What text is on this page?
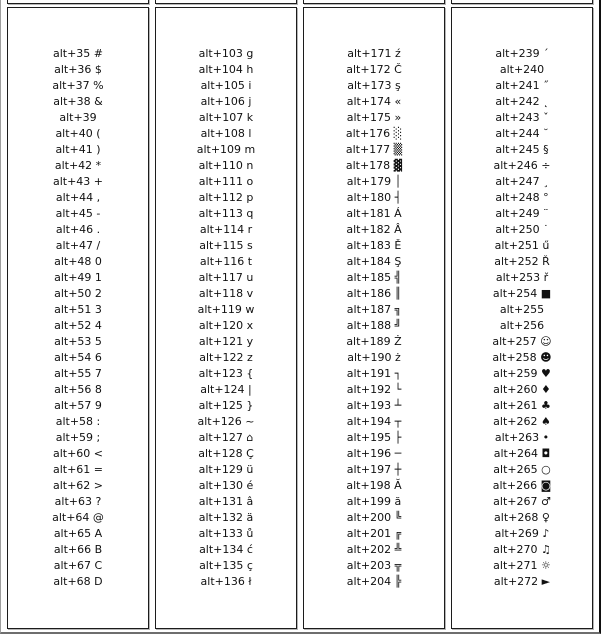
alt+35 #
alt+36 $
alt+37 %
alt+38 &
alt+39
alt+40 (
alt+41 )
alt+42 *
alt+43 +
alt+44 ,
alt+45 -
alt+46 .
alt+47 /
alt+48 0
alt+49 1
alt+50 2
alt+51 3
alt+52 4
alt+53 5
alt+54 6
alt+55 7
alt+56 8
alt+57 9
alt+58 :
alt+59 ;
alt+60 <
alt+61 =
alt+62 >
alt+63 ?
alt+64 @
alt+65 A
alt+66 B
alt+67 C
alt+68 D

alt+103 g
alt+104 h
alt+105 i
alt+106 j
alt+107 k
alt+108 l
alt+109 m
alt+110 n
alt+111 o
alt+112 p
alt+113 q
alt+114 r
alt+115 s
alt+116 t
alt+117 u
alt+118 v
alt+119 w
alt+120 x
alt+121 y
alt+122 z
alt+123 {
alt+124 |
alt+125 }
alt+126 ~
alt+127 ⌂
alt+128 Ç
alt+129 ü
alt+130 é
alt+131 â
alt+132 ä
alt+133 ů
alt+134 ć
alt+135 ç
alt+136 ł

alt+171 ź
alt+172 Č
alt+173 ş
alt+174 «
alt+175 »
alt+176 ░
alt+177 ▒
alt+178 ▓
alt+179 │
alt+180 ┤
alt+181 Á
alt+182 Â
alt+183 Ě
alt+184 Ş
alt+185 ╣
alt+186 ║
alt+187 ╗
alt+188 ╝
alt+189 Ż
alt+190 ż
alt+191 ┐
alt+192 └
alt+193 ┴
alt+194 ┬
alt+195 ├
alt+196 ─
alt+197 ┼
alt+198 Ă
alt+199 ă
alt+200 ╚
alt+201 ╔
alt+202 ╩
alt+203 ╦
alt+204 ╠

alt+239 ´
alt+240
alt+241 ˝
alt+242 ˛
alt+243 ˇ
alt+244 ˘
alt+245 §
alt+246 ÷
alt+247 ¸
alt+248 °
alt+249 ¨
alt+250 ˙
alt+251 ű
alt+252 Ř
alt+253 ř
alt+254 ■
alt+255
alt+256
alt+257 ☺
alt+258 ☻
alt+259 ♥
alt+260 ♦
alt+261 ♣
alt+262 ♠
alt+263 •
alt+264 ◘
alt+265 ○
alt+266 ◙
alt+267 ♂
alt+268 ♀
alt+269 ♪
alt+270 ♫
alt+271 ☼
alt+272 ►
